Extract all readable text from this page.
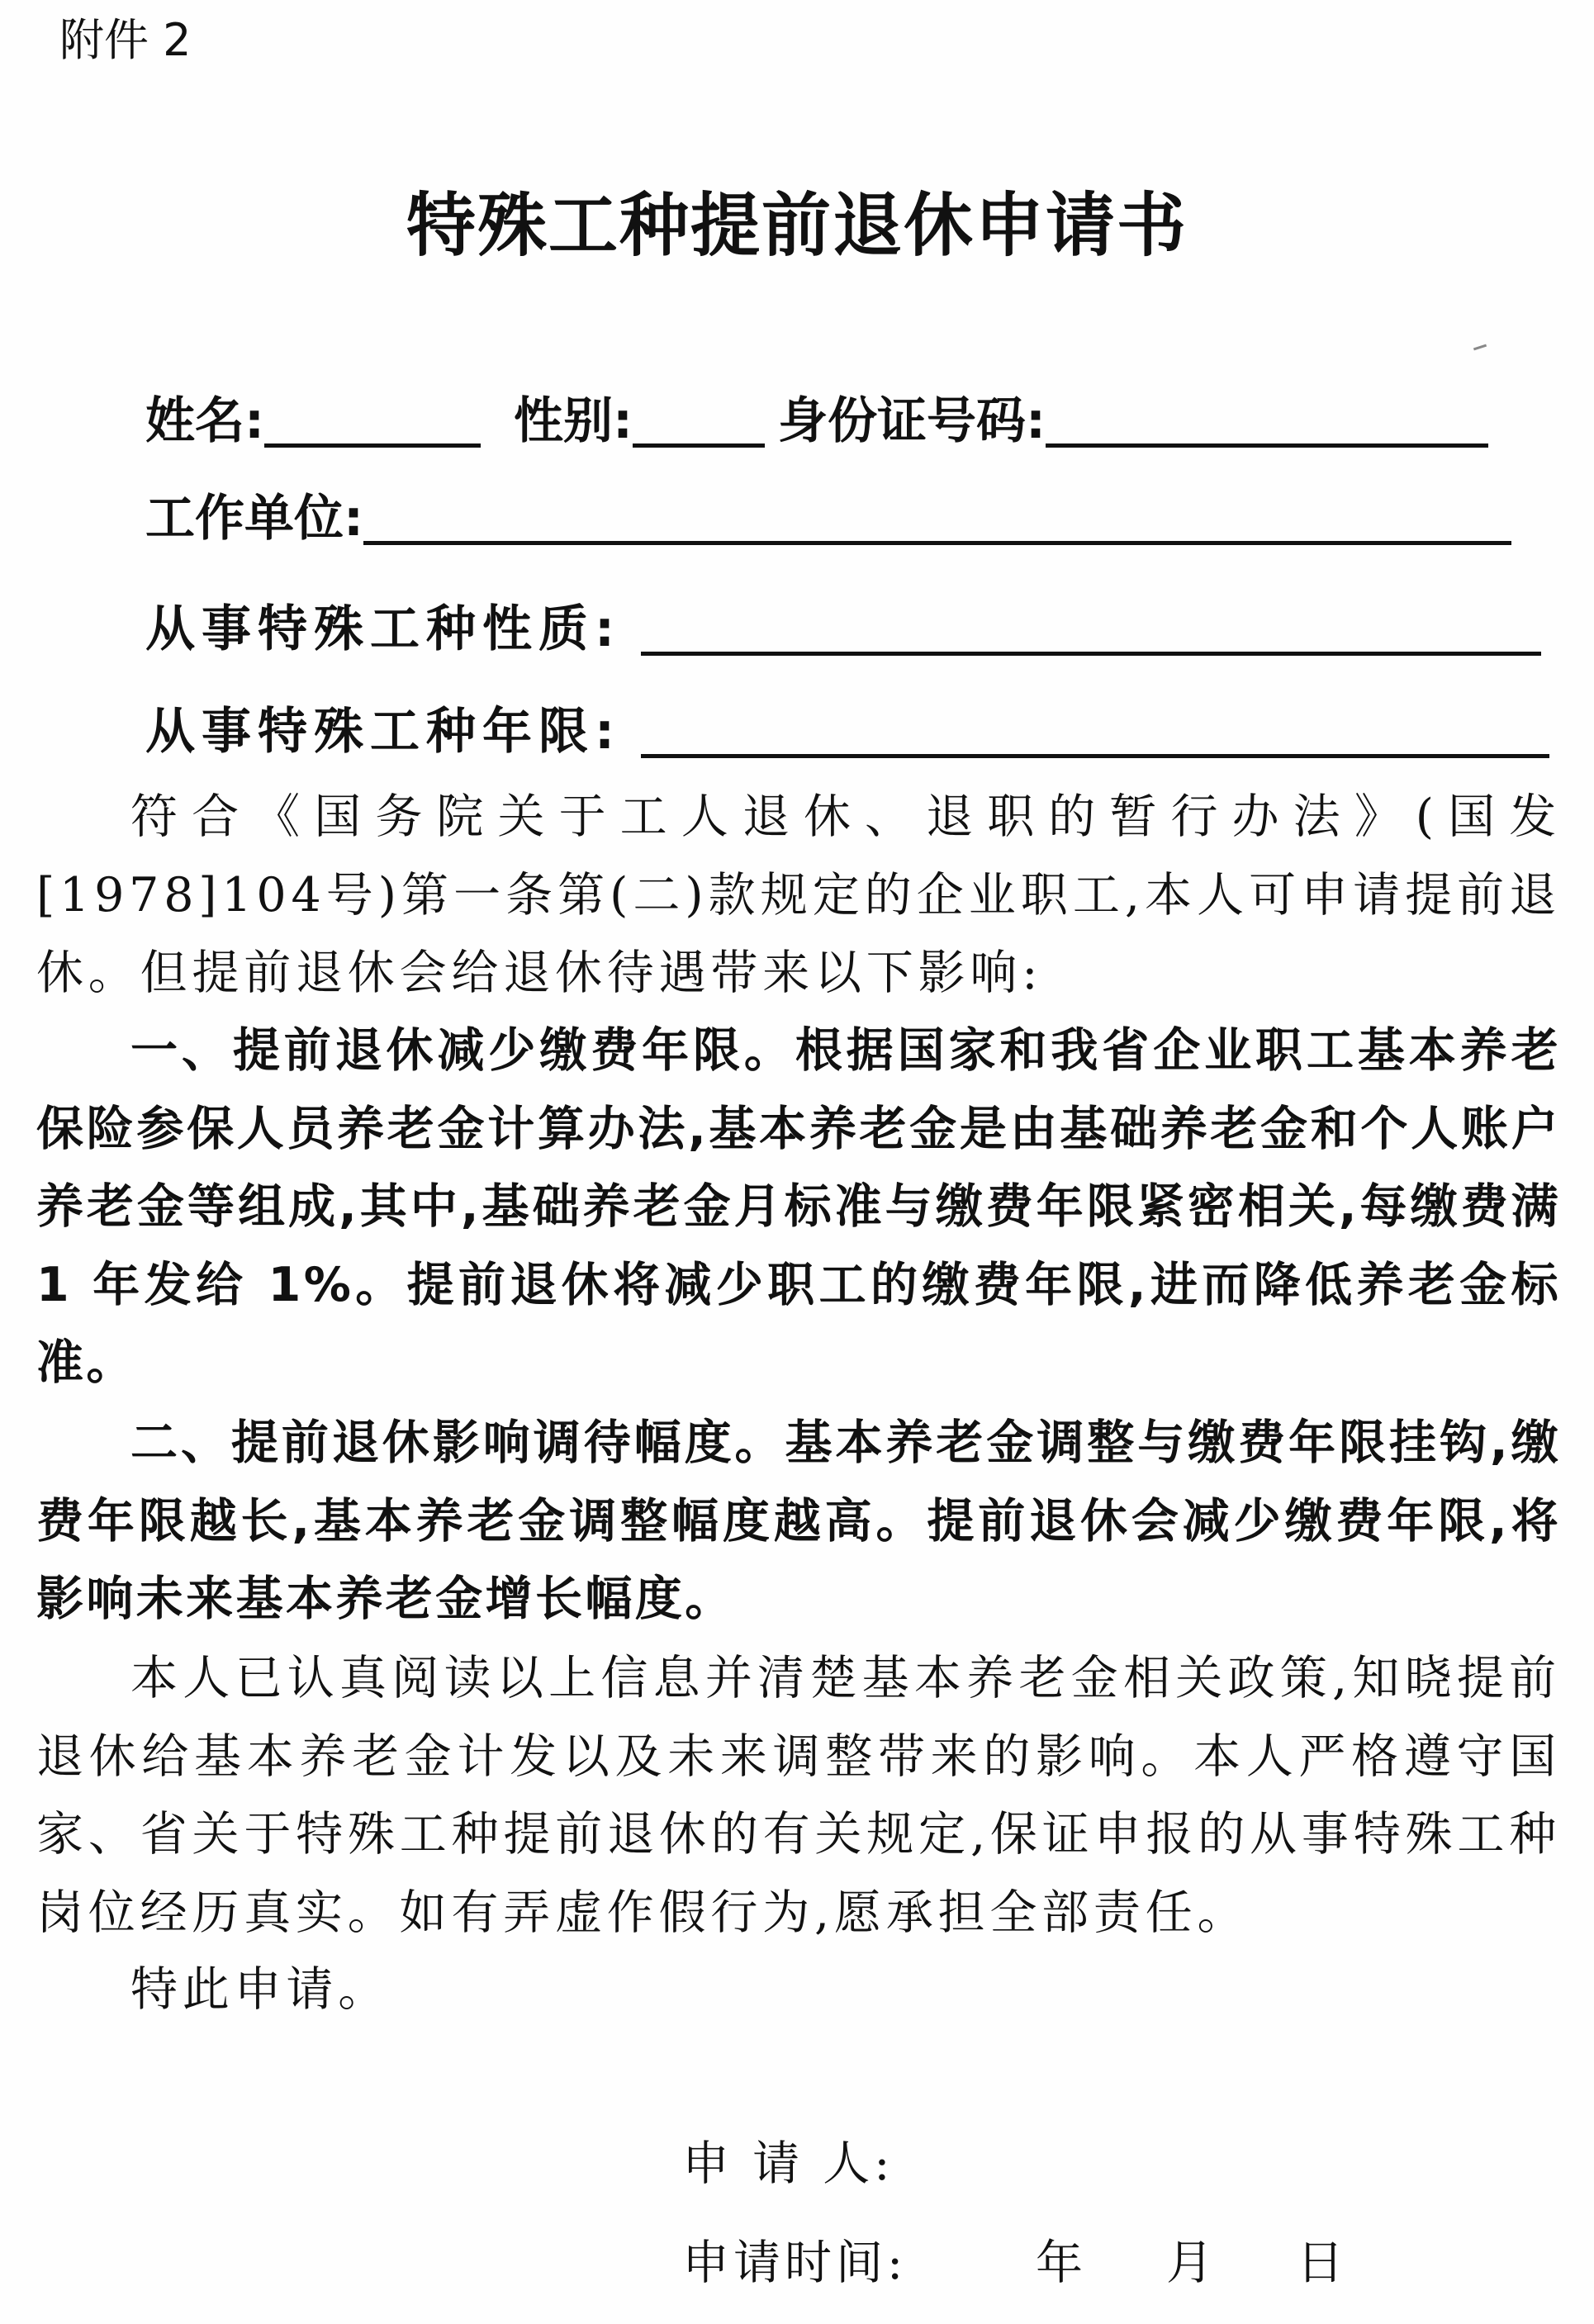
附件 2
特殊工种提前退休申请书
姓名:	性别:	身份证号码:
工作单位:
从事特殊工种性质:
从事特殊工种年限:

符合《国务院关于工人退休、退职的暂行办法》(国发[1978]104号)第一条第(二)款规定的企业职工,本人可申请提前退休。但提前退休会给退休待遇带来以下影响:

一、提前退休减少缴费年限。根据国家和我省企业职工基本养老保险参保人员养老金计算办法,基本养老金是由基础养老金和个人账户养老金等组成,其中,基础养老金月标准与缴费年限紧密相关,每缴费满 1 年发给 1%。提前退休将减少职工的缴费年限,进而降低养老金标准。

二、提前退休影响调待幅度。基本养老金调整与缴费年限挂钩,缴费年限越长,基本养老金调整幅度越高。提前退休会减少缴费年限,将影响未来基本养老金增长幅度。

本人已认真阅读以上信息并清楚基本养老金相关政策,知晓提前退休给基本养老金计发以及未来调整带来的影响。本人严格遵守国家、省关于特殊工种提前退休的有关规定,保证申报的从事特殊工种岗位经历真实。如有弄虚作假行为,愿承担全部责任。

特此申请。

申 请 人:
申请时间:	年 月 日
